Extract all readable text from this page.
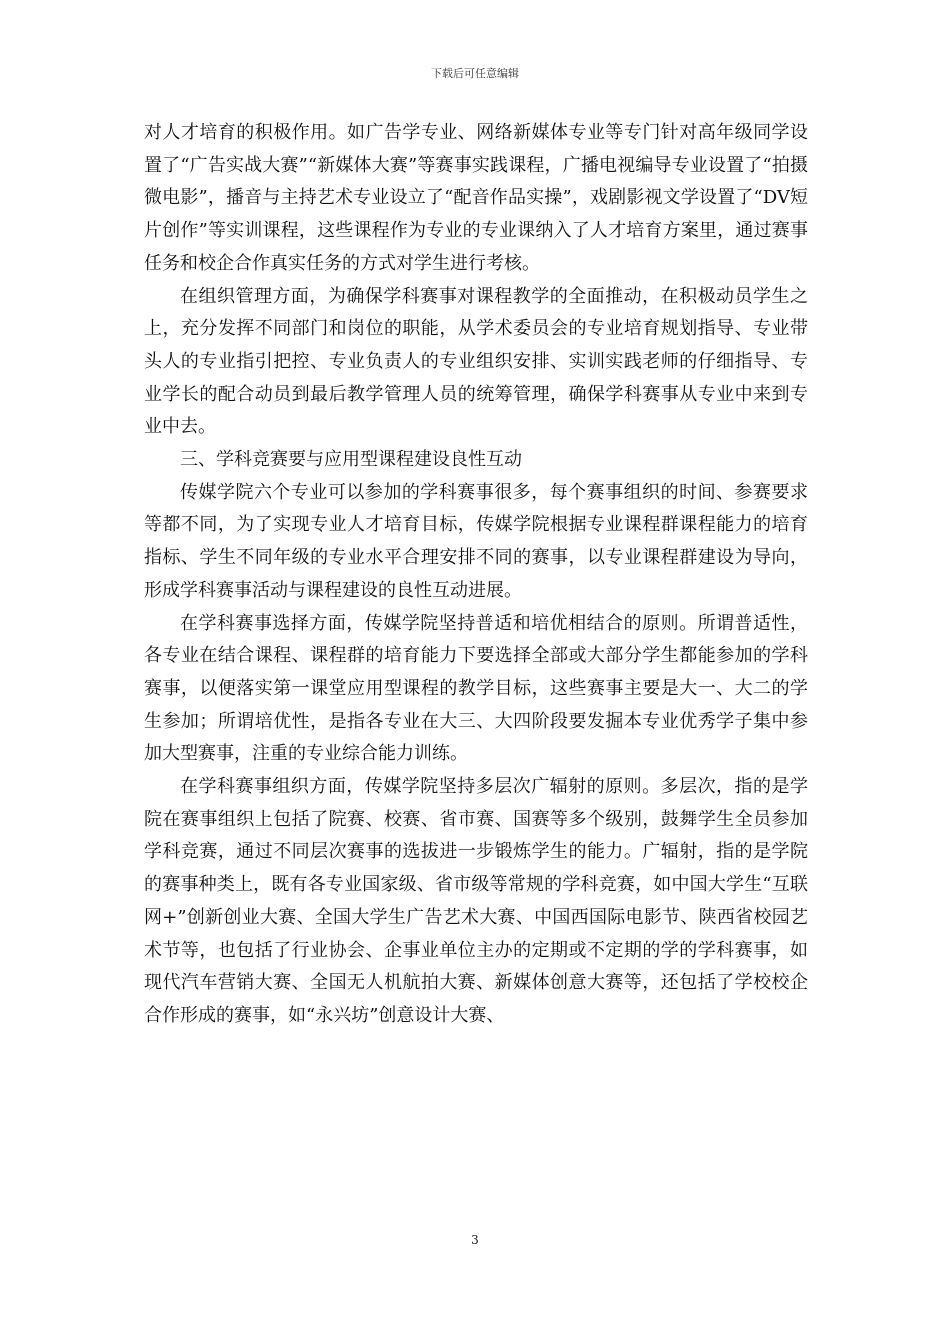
下载后可任意编辑

对人才培育的积极作用。如广告学专业、网络新媒体专业等专门针对高年级同学设置了“广告实战大赛”“新媒体大赛”等赛事实践课程，广播电视编导专业设置了“拍摄微电影”，播音与主持艺术专业设立了“配音作品实操”，戏剧影视文学设置了“DV短片创作”等实训课程，这些课程作为专业的专业课纳入了人才培育方案里，通过赛事任务和校企合作真实任务的方式对学生进行考核。

在组织管理方面，为确保学科赛事对课程教学的全面推动，在积极动员学生之上，充分发挥不同部门和岗位的职能，从学术委员会的专业培育规划指导、专业带头人的专业指引把控、专业负责人的专业组织安排、实训实践老师的仔细指导、专业学长的配合动员到最后教学管理人员的统筹管理，确保学科赛事从专业中来到专业中去。

三、学科竞赛要与应用型课程建设良性互动

传媒学院六个专业可以参加的学科赛事很多，每个赛事组织的时间、参赛要求等都不同，为了实现专业人才培育目标，传媒学院根据专业课程群课程能力的培育指标、学生不同年级的专业水平合理安排不同的赛事，以专业课程群建设为导向，形成学科赛事活动与课程建设的良性互动进展。

在学科赛事选择方面，传媒学院坚持普适和培优相结合的原则。所谓普适性，各专业在结合课程、课程群的培育能力下要选择全部或大部分学生都能参加的学科赛事，以便落实第一课堂应用型课程的教学目标，这些赛事主要是大一、大二的学生参加；所谓培优性，是指各专业在大三、大四阶段要发掘本专业优秀学子集中参加大型赛事，注重的专业综合能力训练。

在学科赛事组织方面，传媒学院坚持多层次广辐射的原则。多层次，指的是学院在赛事组织上包括了院赛、校赛、省市赛、国赛等多个级别，鼓舞学生全员参加学科竞赛，通过不同层次赛事的选拔进一步锻炼学生的能力。广辐射，指的是学院的赛事种类上，既有各专业国家级、省市级等常规的学科竞赛，如中国大学生“互联网+”创新创业大赛、全国大学生广告艺术大赛、中国西国际电影节、陕西省校园艺术节等，也包括了行业协会、企事业单位主办的定期或不定期的学的学科赛事，如现代汽车营销大赛、全国无人机航拍大赛、新媒体创意大赛等，还包括了学校校企合作形成的赛事，如“永兴坊”创意设计大赛、

3
